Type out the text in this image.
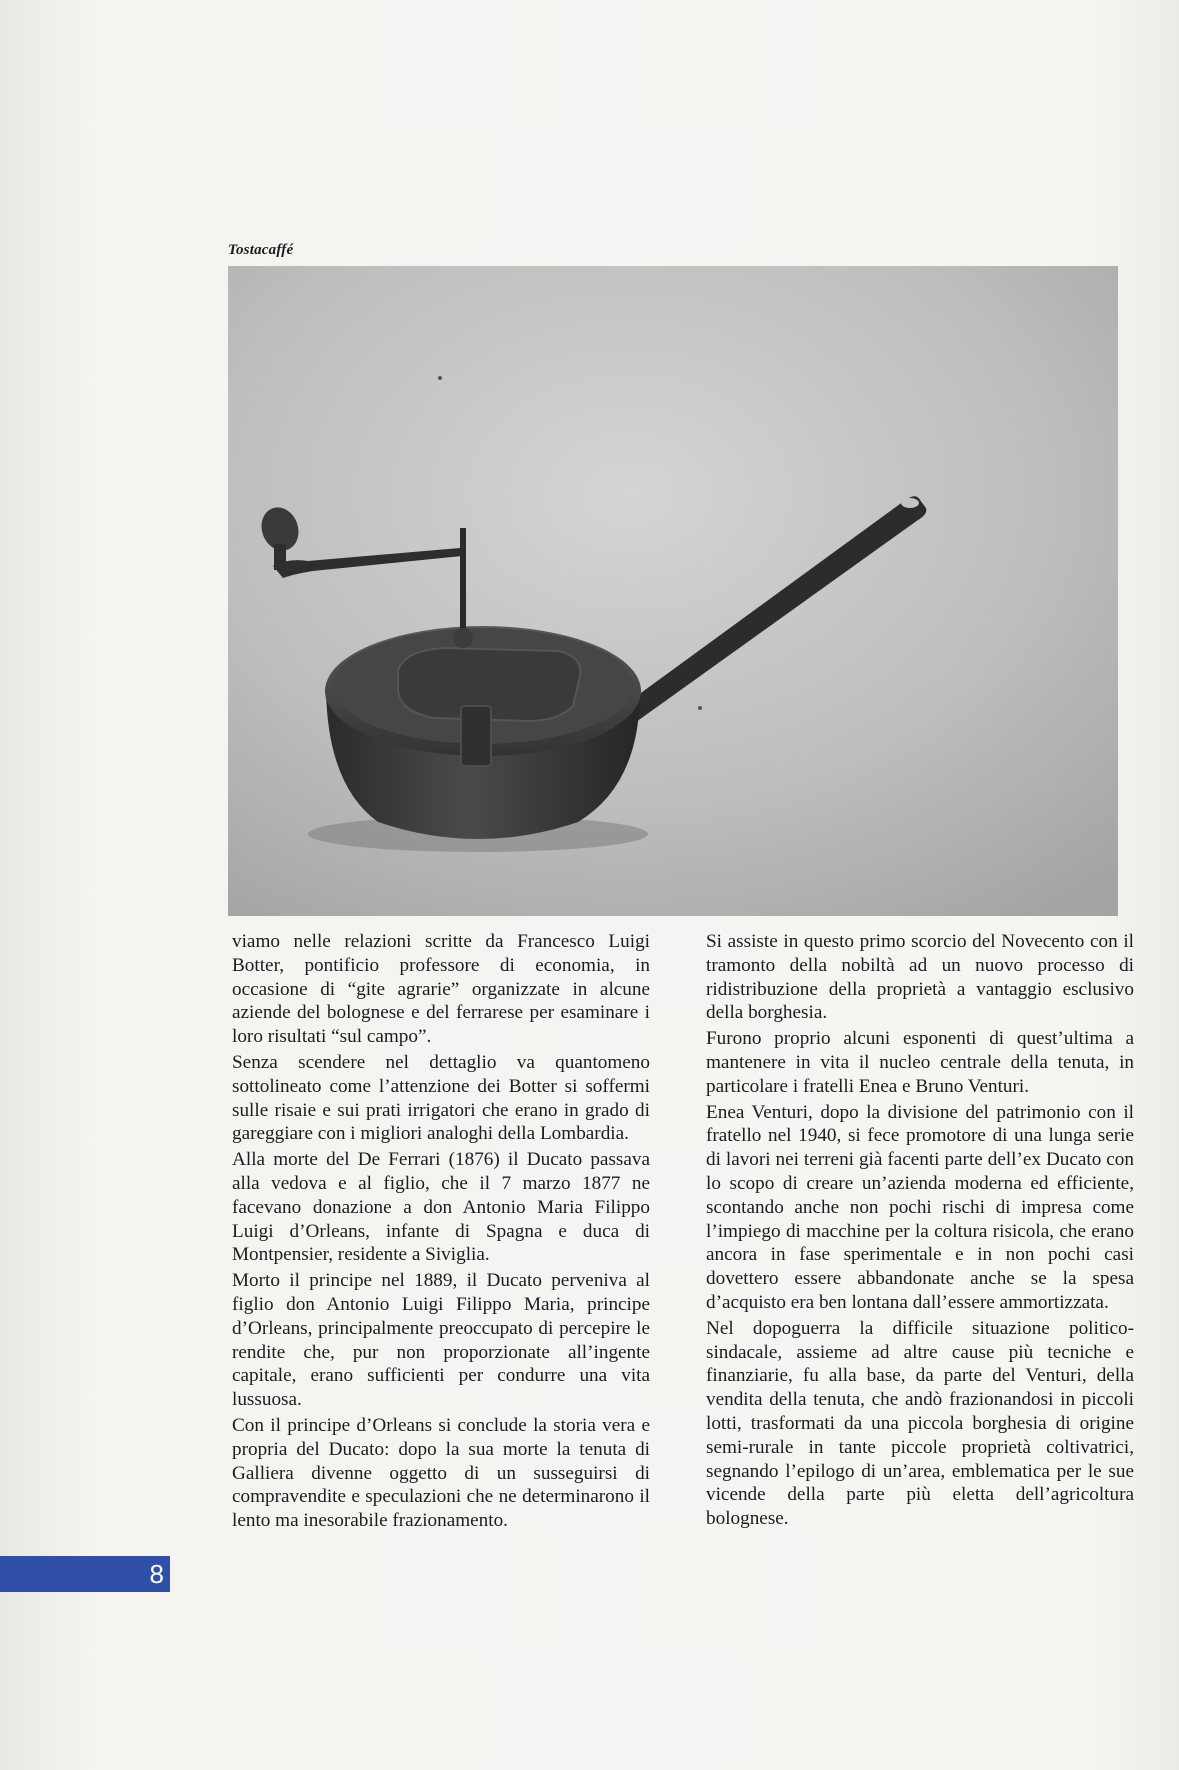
Tostacaffé

viamo nelle relazioni scritte da Francesco Luigi Botter, pontificio professore di economia, in occasione di “gite agrarie” organizzate in alcune aziende del bolognese e del ferrarese per esaminare i loro risultati “sul campo”.

Senza scendere nel dettaglio va quantomeno sottolineato come l’attenzione dei Botter si soffermi sulle risaie e sui prati irrigatori che erano in grado di gareggiare con i migliori analoghi della Lombardia.

Alla morte del De Ferrari (1876) il Ducato passava alla vedova e al figlio, che il 7 marzo 1877 ne facevano donazione a don Antonio Maria Filippo Luigi d’Orleans, infante di Spagna e duca di Montpensier, residente a Siviglia.

Morto il principe nel 1889, il Ducato perveniva al figlio don Antonio Luigi Filippo Maria, principe d’Orleans, principalmente preoccupato di percepire le rendite che, pur non proporzionate all’ingente capitale, erano sufficienti per condurre una vita lussuosa.

Con il principe d’Orleans si conclude la storia vera e propria del Ducato: dopo la sua morte la tenuta di Galliera divenne oggetto di un susseguirsi di compravendite e speculazioni che ne determinarono il lento ma inesorabile frazionamento.

Si assiste in questo primo scorcio del Novecento con il tramonto della nobiltà ad un nuovo processo di ridistribuzione della proprietà a vantaggio esclusivo della borghesia.

Furono proprio alcuni esponenti di quest’ultima a mantenere in vita il nucleo centrale della tenuta, in particolare i fratelli Enea e Bruno Venturi.

Enea Venturi, dopo la divisione del patrimonio con il fratello nel 1940, si fece promotore di una lunga serie di lavori nei terreni già facenti parte dell’ex Ducato con lo scopo di creare un’azienda moderna ed efficiente, scontando anche non pochi rischi di impresa come l’impiego di macchine per la coltura risicola, che erano ancora in fase sperimentale e in non pochi casi dovettero essere abbandonate anche se la spesa d’acquisto era ben lontana dall’essere ammortizzata.

Nel dopoguerra la difficile situazione politico-sindacale, assieme ad altre cause più tecniche e finanziarie, fu alla base, da parte del Venturi, della vendita della tenuta, che andò frazionandosi in piccoli lotti, trasformati da una piccola borghesia di origine semi-rurale in tante piccole proprietà coltivatrici, segnando l’epilogo di un’area, emblematica per le sue vicende della parte più eletta dell’agricoltura bolognese.

8
